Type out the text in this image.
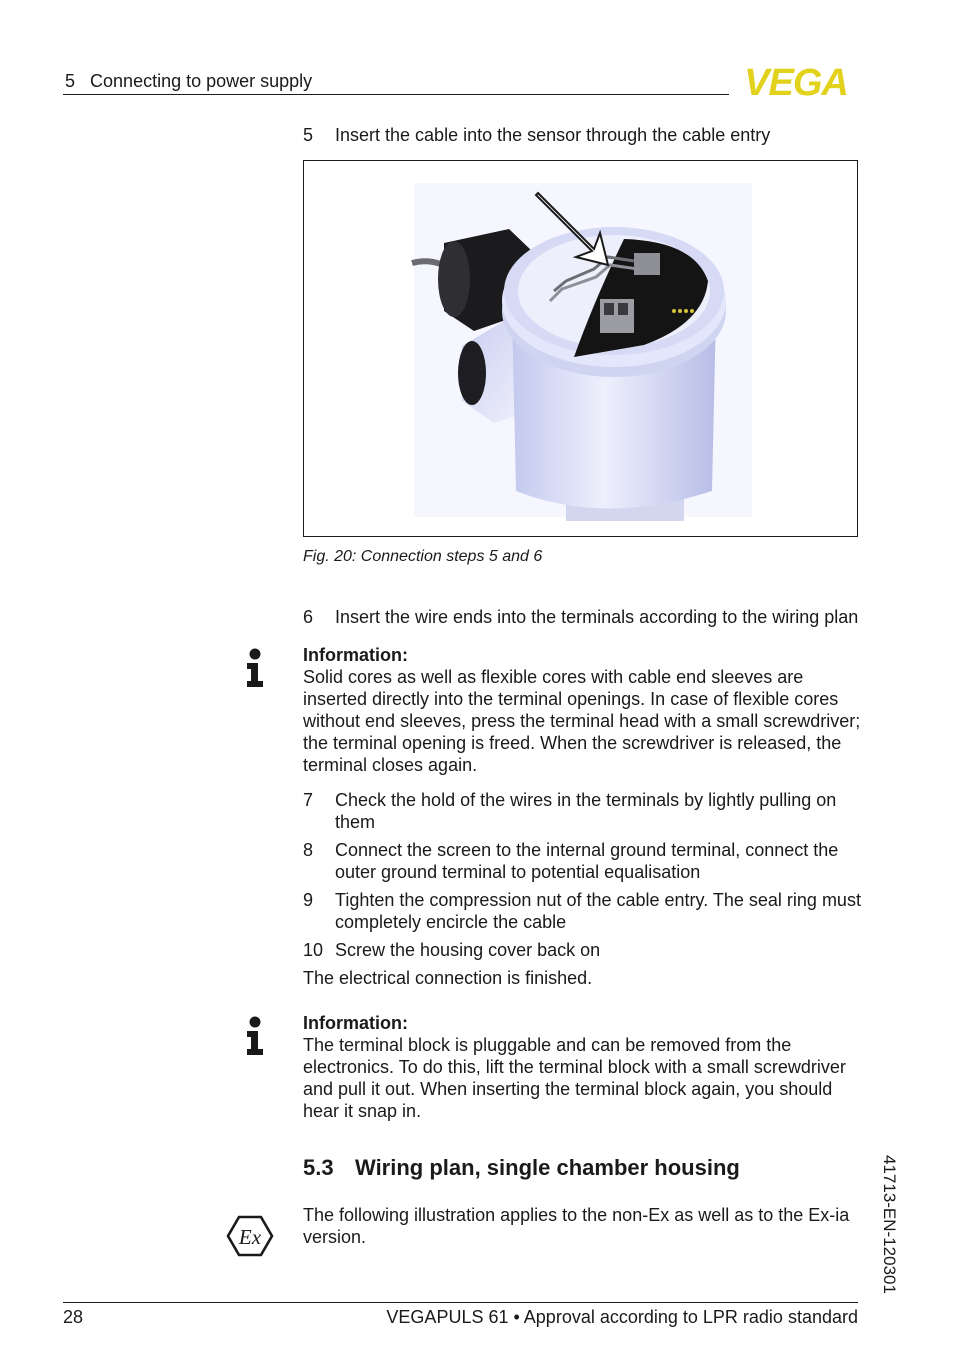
5 Connecting to power supply	VEGA
5	Insert the cable into the sensor through the cable entry
Fig. 20: Connection steps 5 and 6
6	Insert the wire ends into the terminals according to the wiring plan
Information:
Solid cores as well as flexible cores with cable end sleeves are inserted directly into the terminal openings. In case of flexible cores without end sleeves, press the terminal head with a small screwdriver; the terminal opening is freed. When the screwdriver is released, the terminal closes again.
7	Check the hold of the wires in the terminals by lightly pulling on them
8	Connect the screen to the internal ground terminal, connect the outer ground terminal to potential equalisation
9	Tighten the compression nut of the cable entry. The seal ring must completely encircle the cable
10 Screw the housing cover back on
The electrical connection is finished.
Information:
The terminal block is pluggable and can be removed from the electronics. To do this, lift the terminal block with a small screwdriver and pull it out. When inserting the terminal block again, you should hear it snap in.
5.3 Wiring plan, single chamber housing
Ex
The following illustration applies to the non-Ex as well as to the Ex-ia version.
28	VEGAPULS 61 • Approval according to LPR radio standard
41713-EN-120301
